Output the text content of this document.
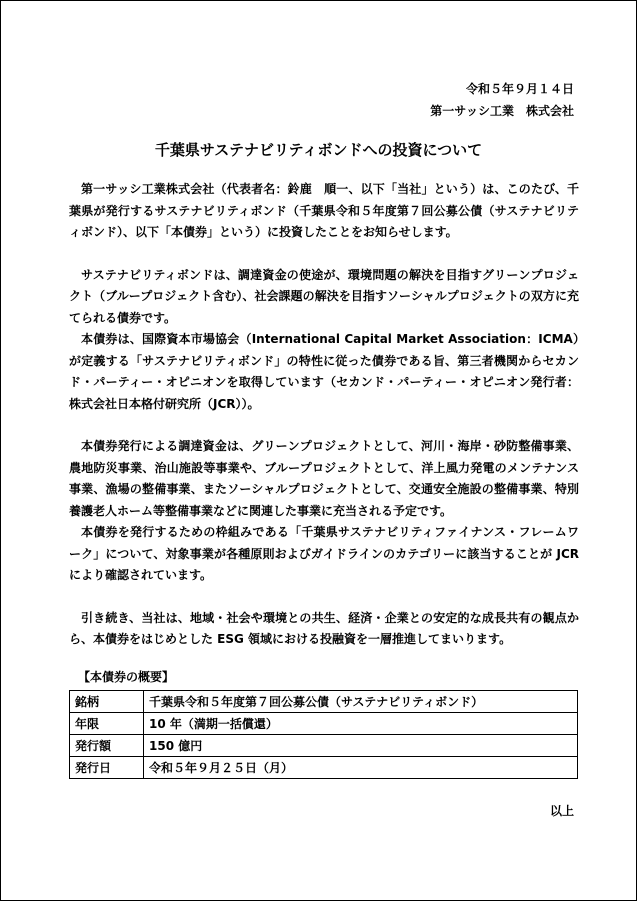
令和５年９月１４日
第一サッシ工業　株式会社
千葉県サステナビリティボンドへの投資について

第一サッシ工業株式会社（代表者名：鈴鹿　順一、以下「当社」という）は、このたび、千葉県が発行するサステナビリティボンド（千葉県令和５年度第７回公募公債（サステナビリティボンド）、以下「本債券」という）に投資したことをお知らせします。

サステナビリティボンドは、調達資金の使途が、環境問題の解決を目指すグリーンプロジェクト（ブループロジェクト含む）、社会課題の解決を目指すソーシャルプロジェクトの双方に充てられる債券です。

本債券は、国際資本市場協会（International Capital Market Association：ICMA）が定義する「サステナビリティボンド」の特性に従った債券である旨、第三者機関からセカンド・パーティー・オピニオンを取得しています（セカンド・パーティー・オピニオン発行者：株式会社日本格付研究所（JCR））。

本債券発行による調達資金は、グリーンプロジェクトとして、河川・海岸・砂防整備事業、農地防災事業、治山施設等事業や、ブループロジェクトとして、洋上風力発電のメンテナンス事業、漁場の整備事業、またソーシャルプロジェクトとして、交通安全施設の整備事業、特別養護老人ホーム等整備事業などに関連した事業に充当される予定です。

本債券を発行するための枠組みである「千葉県サステナビリティファイナンス・フレームワーク」について、対象事業が各種原則およびガイドラインのカテゴリーに該当することが JCR により確認されています。

引き続き、当社は、地域・社会や環境との共生、経済・企業との安定的な成長共有の観点から、本債券をはじめとした ESG 領域における投融資を一層推進してまいります。

【本債券の概要】
銘柄	千葉県令和５年度第７回公募公債（サステナビリティボンド）
年限	10 年（満期一括償還）
発行額	150 億円
発行日	令和５年９月２５日（月）
以上
